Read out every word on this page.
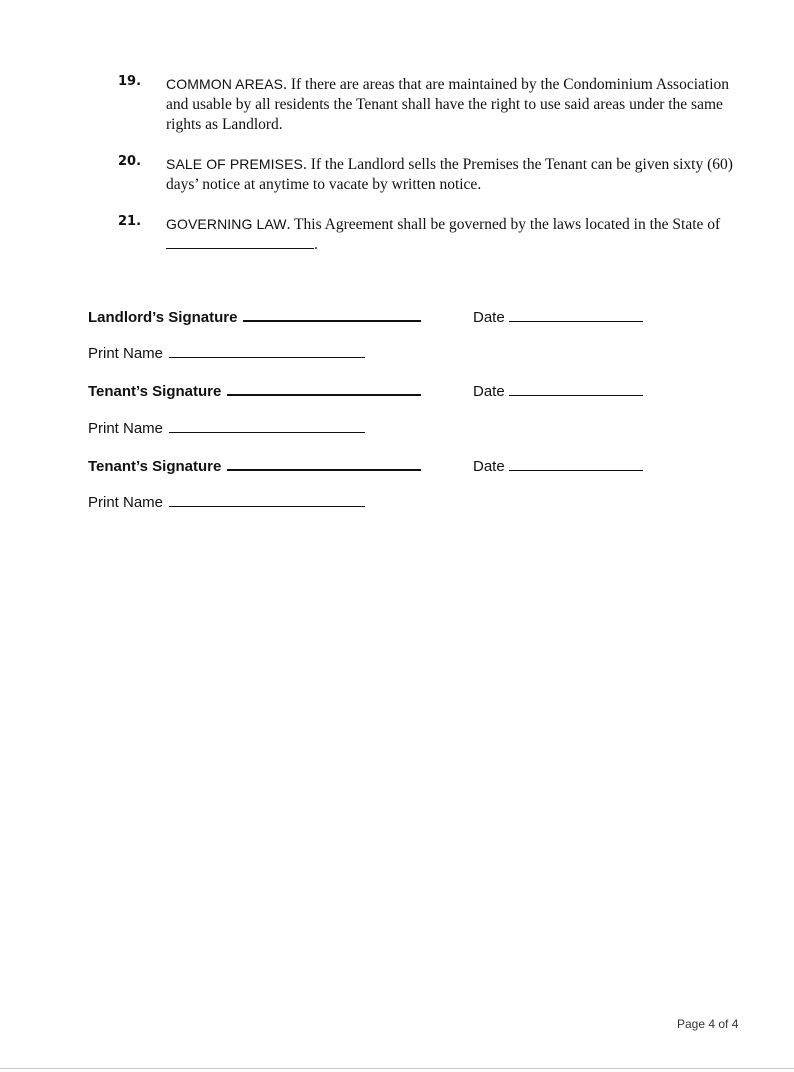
19. COMMON AREAS. If there are areas that are maintained by the Condominium Association and usable by all residents the Tenant shall have the right to use said areas under the same rights as Landlord.
20. SALE OF PREMISES. If the Landlord sells the Premises the Tenant can be given sixty (60) days’ notice at anytime to vacate by written notice.
21. GOVERNING LAW. This Agreement shall be governed by the laws located in the State of .
Landlord’s Signature	Date
Print Name
Tenant’s Signature	Date
Print Name
Tenant’s Signature	Date
Print Name
Page 4 of 4
